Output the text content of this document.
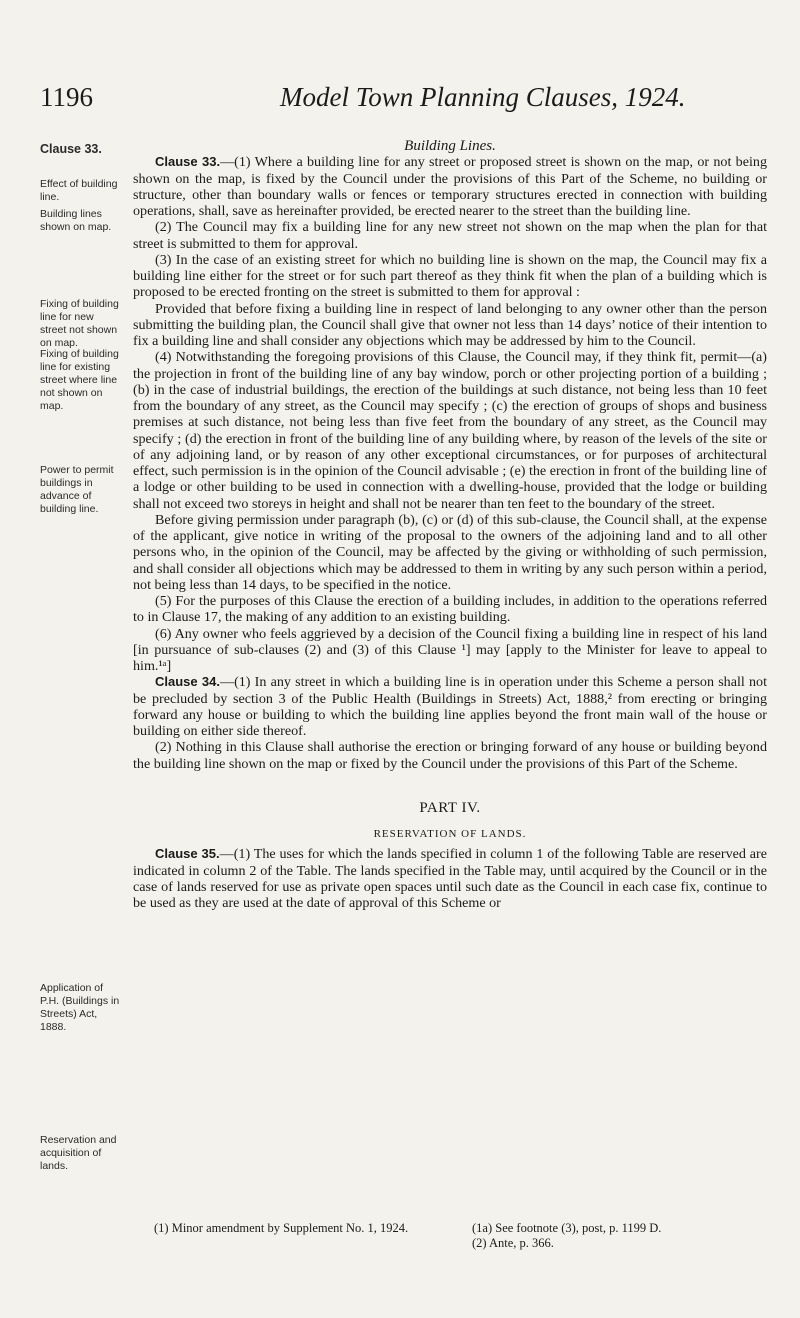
1196	Model Town Planning Clauses, 1924.
Clause 33.
Effect of building line.
Building lines shown on map.
Fixing of building line for new street not shown on map.
Fixing of building line for existing street where line not shown on map.
Power to permit buildings in advance of building line.
Application of P.H. (Buildings in Streets) Act, 1888.
Reservation and acquisition of lands.

Building Lines.

Clause 33.—(1) Where a building line for any street or proposed street is shown on the map, or not being shown on the map, is fixed by the Council under the provisions of this Part of the Scheme, no building or structure, other than boundary walls or fences or temporary structures erected in connection with building operations, shall, save as hereinafter provided, be erected nearer to the street than the building line.

(2) The Council may fix a building line for any new street not shown on the map when the plan for that street is submitted to them for approval.

(3) In the case of an existing street for which no building line is shown on the map, the Council may fix a building line either for the street or for such part thereof as they think fit when the plan of a building which is proposed to be erected fronting on the street is submitted to them for approval :

Provided that before fixing a building line in respect of land belonging to any owner other than the person submitting the building plan, the Council shall give that owner not less than 14 days’ notice of their intention to fix a building line and shall consider any objections which may be addressed by him to the Council.

(4) Notwithstanding the foregoing provisions of this Clause, the Council may, if they think fit, permit—(a) the projection in front of the building line of any bay window, porch or other projecting portion of a building ; (b) in the case of industrial buildings, the erection of the buildings at such distance, not being less than 10 feet from the boundary of any street, as the Council may specify ; (c) the erection of groups of shops and business premises at such distance, not being less than five feet from the boundary of any street, as the Council may specify ; (d) the erection in front of the building line of any building where, by reason of the levels of the site or of any adjoining land, or by reason of any other exceptional circumstances, or for purposes of architectural effect, such permission is in the opinion of the Council advisable ; (e) the erection in front of the building line of a lodge or other building to be used in connection with a dwelling-house, provided that the lodge or building shall not exceed two storeys in height and shall not be nearer than ten feet to the boundary of the street.

Before giving permission under paragraph (b), (c) or (d) of this sub-clause, the Council shall, at the expense of the applicant, give notice in writing of the proposal to the owners of the adjoining land and to all other persons who, in the opinion of the Council, may be affected by the giving or withholding of such permission, and shall consider all objections which may be addressed to them in writing by any such person within a period, not being less than 14 days, to be specified in the notice.

(5) For the purposes of this Clause the erection of a building includes, in addition to the operations referred to in Clause 17, the making of any addition to an existing building.

(6) Any owner who feels aggrieved by a decision of the Council fixing a building line in respect of his land [in pursuance of sub-clauses (2) and (3) of this Clause ¹] may [apply to the Minister for leave to appeal to him.¹ᵃ]

Clause 34.—(1) In any street in which a building line is in operation under this Scheme a person shall not be precluded by section 3 of the Public Health (Buildings in Streets) Act, 1888,² from erecting or bringing forward any house or building to which the building line applies beyond the front main wall of the house or building on either side thereof.

(2) Nothing in this Clause shall authorise the erection or bringing forward of any house or building beyond the building line shown on the map or fixed by the Council under the provisions of this Part of the Scheme.

PART IV.
RESERVATION OF LANDS.

Clause 35.—(1) The uses for which the lands specified in column 1 of the following Table are reserved are indicated in column 2 of the Table. The lands specified in the Table may, until acquired by the Council or in the case of lands reserved for use as private open spaces until such date as the Council in each case fix, continue to be used as they are used at the date of approval of this Scheme or

(1) Minor amendment by Supplement No. 1, 1924.	(1a) See footnote (3), post, p. 1199 D.
(2) Ante, p. 366.
